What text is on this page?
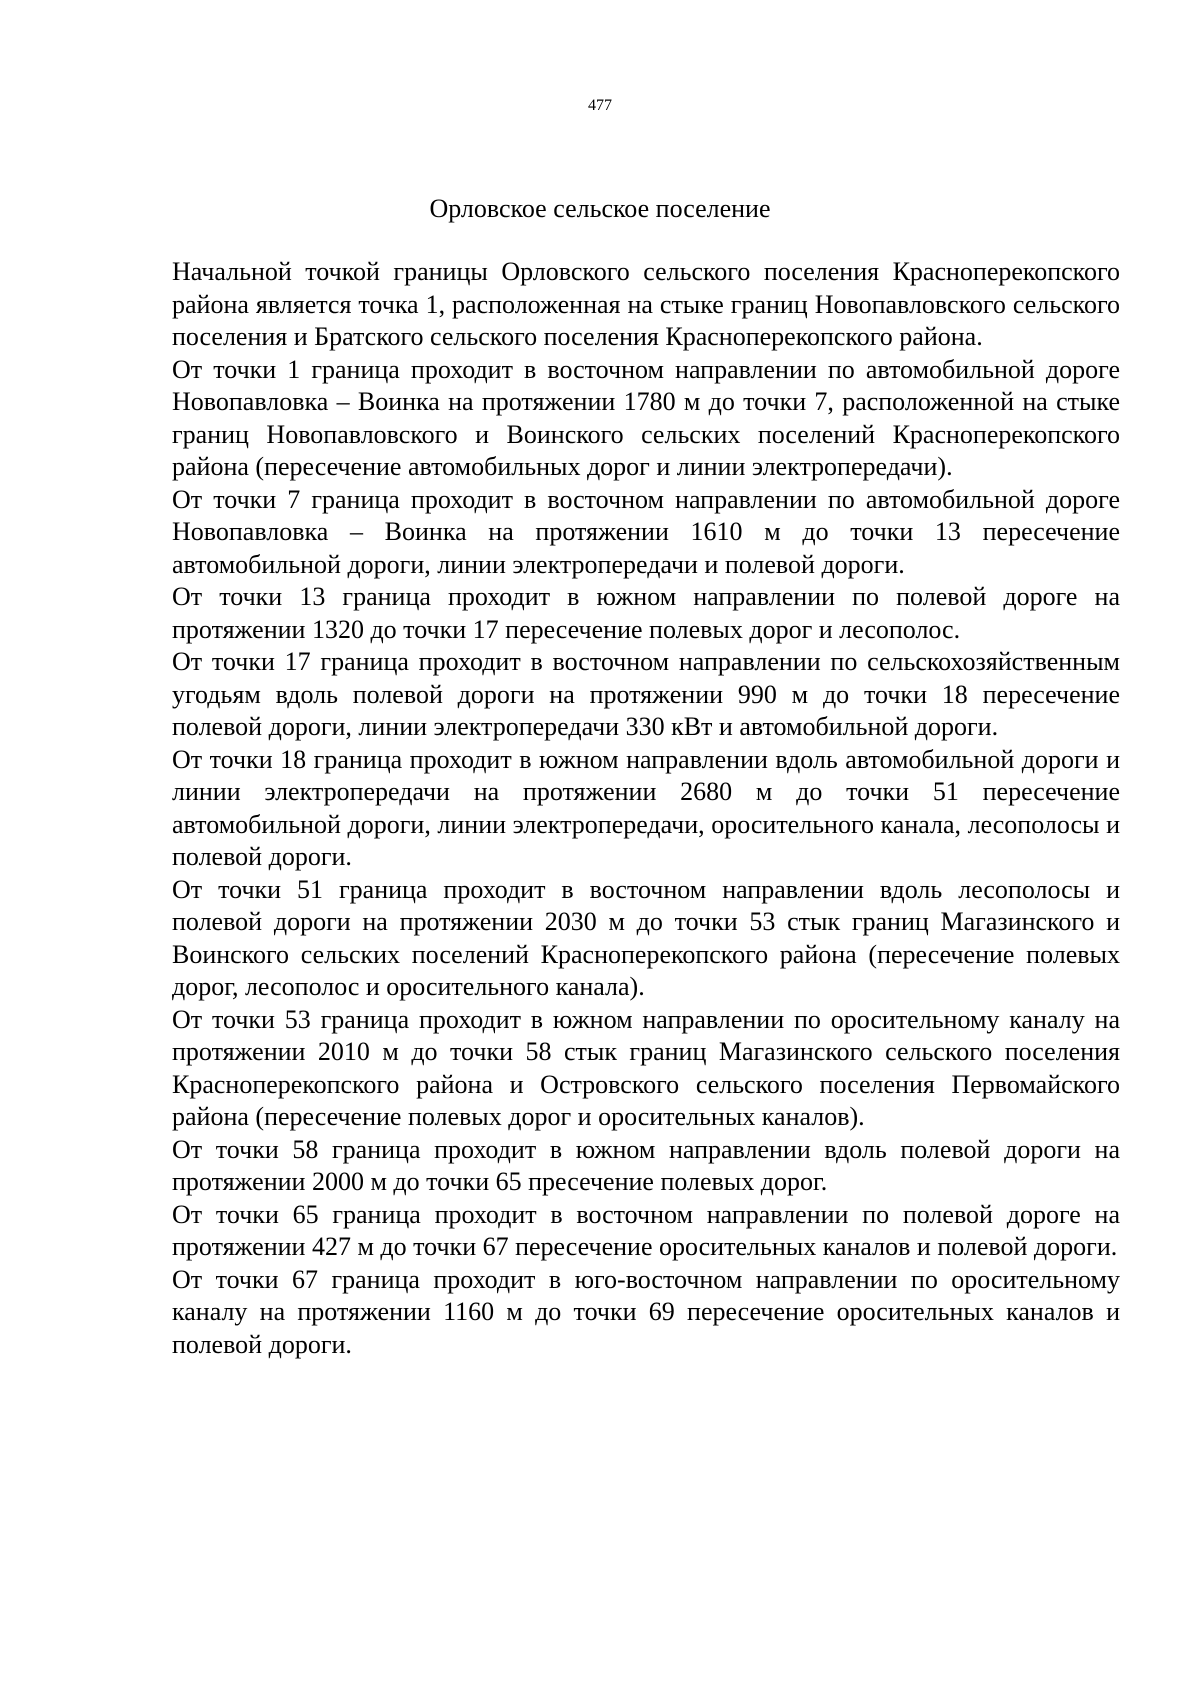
477
Орловское сельское поселение

Начальной точкой границы Орловского сельского поселения Красноперекопского района является точка 1, расположенная на стыке границ Новопавловского сельского поселения и Братского сельского поселения Красноперекопского района.

От точки 1 граница проходит в восточном направлении по автомобильной дороге Новопавловка – Воинка на протяжении 1780 м до точки 7, расположенной на стыке границ Новопавловского и Воинского сельских поселений Красноперекопского района (пересечение автомобильных дорог и линии электропередачи).

От точки 7 граница проходит в восточном направлении по автомобильной дороге Новопавловка – Воинка на протяжении 1610 м до точки 13 пересечение автомобильной дороги, линии электропередачи и полевой дороги.

От точки 13 граница проходит в южном направлении по полевой дороге на протяжении 1320 до точки 17 пересечение полевых дорог и лесополос.

От точки 17 граница проходит в восточном направлении по сельскохозяйственным угодьям вдоль полевой дороги на протяжении 990 м до точки 18 пересечение полевой дороги, линии электропередачи 330 кВт и автомобильной дороги.

От точки 18 граница проходит в южном направлении вдоль автомобильной дороги и линии электропередачи на протяжении 2680 м до точки 51 пересечение автомобильной дороги, линии электропередачи, оросительного канала, лесополосы и полевой дороги.

От точки 51 граница проходит в восточном направлении вдоль лесополосы и полевой дороги на протяжении 2030 м до точки 53 стык границ Магазинского и Воинского сельских поселений Красноперекопского района (пересечение полевых дорог, лесополос и оросительного канала).

От точки 53 граница проходит в южном направлении по оросительному каналу на протяжении 2010 м до точки 58 стык границ Магазинского сельского поселения Красноперекопского района и Островского сельского поселения Первомайского района (пересечение полевых дорог и оросительных каналов).

От точки 58 граница проходит в южном направлении вдоль полевой дороги на протяжении 2000 м до точки 65 пресечение полевых дорог.

От точки 65 граница проходит в восточном направлении по полевой дороге на протяжении 427 м до точки 67 пересечение оросительных каналов и полевой дороги.

От точки 67 граница проходит в юго-восточном направлении по оросительному каналу на протяжении 1160 м до точки 69 пересечение оросительных каналов и полевой дороги.
